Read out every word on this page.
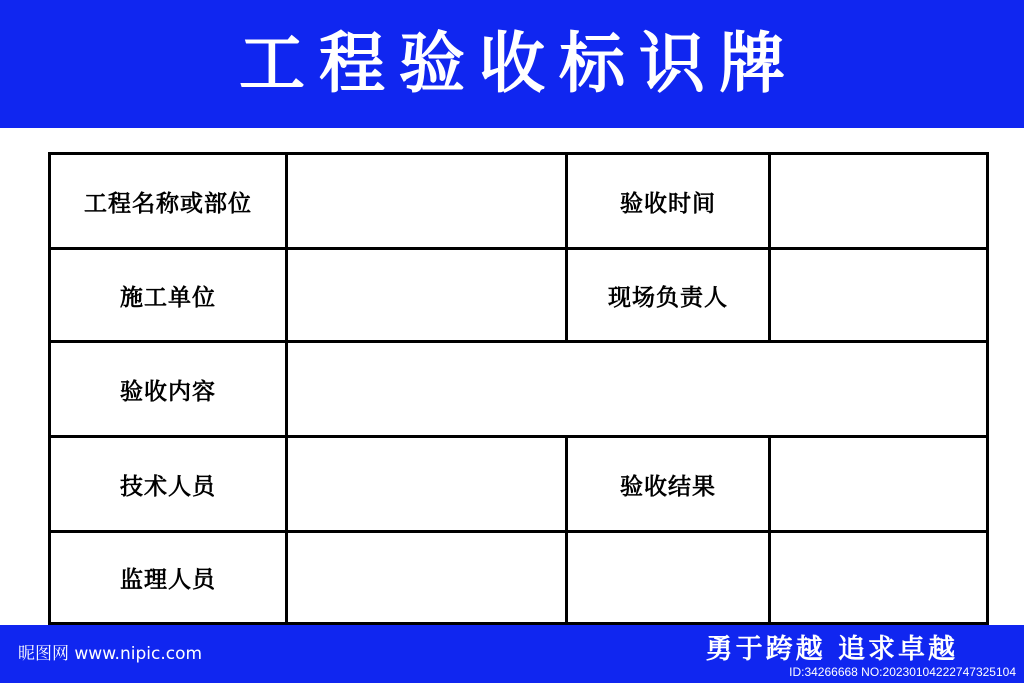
工程验收标识牌
工程名称或部位		验收时间	
施工单位		现场负责人	
验收内容			
技术人员		验收结果	
监理人员			
昵图网 www.nipic.com	勇于跨越 追求卓越
ID:34266668 NO:20230104222747325104
